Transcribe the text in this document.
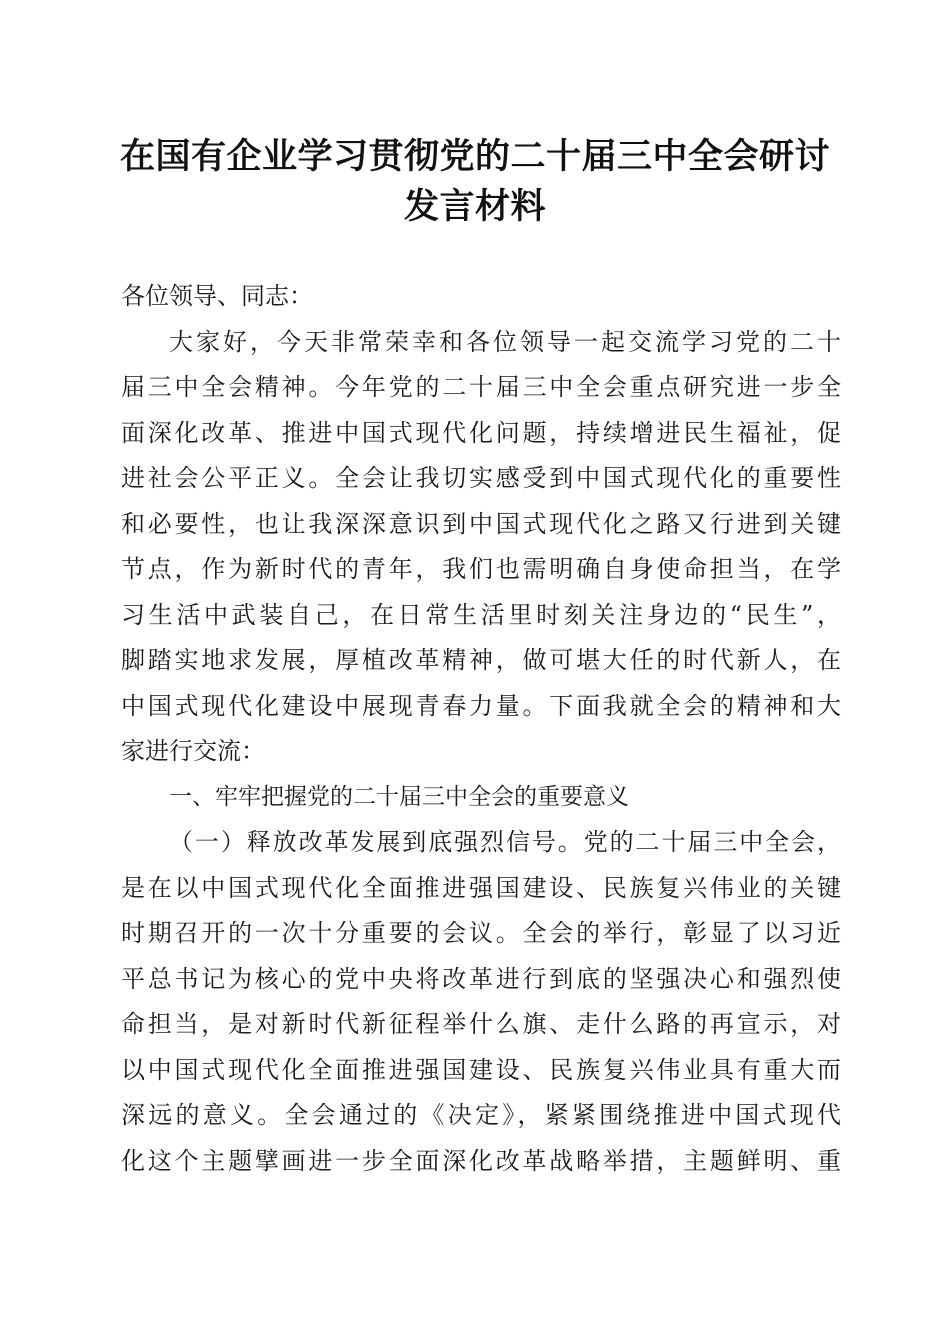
在国有企业学习贯彻党的二十届三中全会研讨
发言材料
各位领导、同志：
大家好，今天非常荣幸和各位领导一起交流学习党的二十
届三中全会精神。今年党的二十届三中全会重点研究进一步全
面深化改革、推进中国式现代化问题，持续增进民生福祉，促
进社会公平正义。全会让我切实感受到中国式现代化的重要性
和必要性，也让我深深意识到中国式现代化之路又行进到关键
节点，作为新时代的青年，我们也需明确自身使命担当，在学
习生活中武装自己，在日常生活里时刻关注身边的“民生”，
脚踏实地求发展，厚植改革精神，做可堪大任的时代新人，在
中国式现代化建设中展现青春力量。下面我就全会的精神和大
家进行交流：
一、牢牢把握党的二十届三中全会的重要意义
（一）释放改革发展到底强烈信号。党的二十届三中全会，
是在以中国式现代化全面推进强国建设、民族复兴伟业的关键
时期召开的一次十分重要的会议。全会的举行，彰显了以习近
平总书记为核心的党中央将改革进行到底的坚强决心和强烈使
命担当，是对新时代新征程举什么旗、走什么路的再宣示，对
以中国式现代化全面推进强国建设、民族复兴伟业具有重大而
深远的意义。全会通过的《决定》，紧紧围绕推进中国式现代
化这个主题擘画进一步全面深化改革战略举措，主题鲜明、重
